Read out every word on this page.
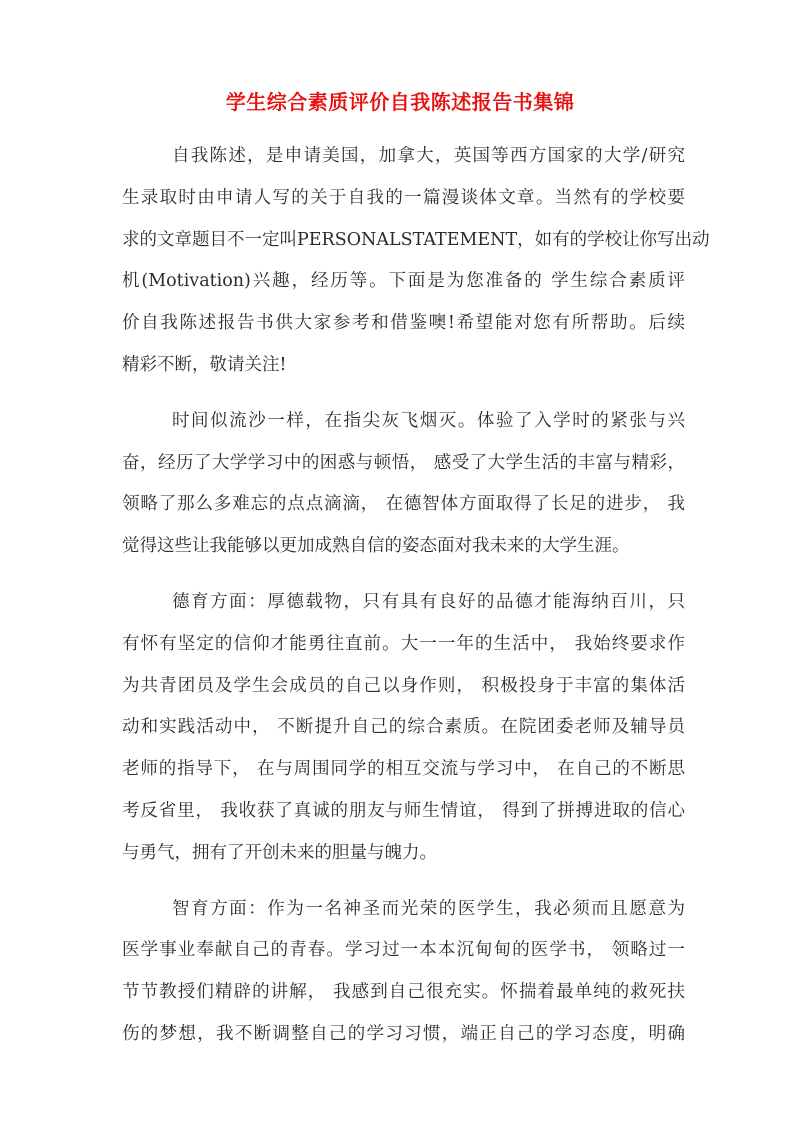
学生综合素质评价自我陈述报告书集锦
自我陈述，是申请美国，加拿大，英国等西方国家的大学/研究
生录取时由申请人写的关于自我的一篇漫谈体文章。当然有的学校要
求的文章题目不一定叫PERSONALSTATEMENT，如有的学校让你写出动
机(Motivation)兴趣，经历等。下面是为您准备的 学生综合素质评
价自我陈述报告书供大家参考和借鉴噢!希望能对您有所帮助。后续
精彩不断，敬请关注!
时间似流沙一样，在指尖灰飞烟灭。体验了入学时的紧张与兴
奋，经历了大学学习中的困惑与顿悟， 感受了大学生活的丰富与精彩，
领略了那么多难忘的点点滴滴， 在德智体方面取得了长足的进步， 我
觉得这些让我能够以更加成熟自信的姿态面对我未来的大学生涯。
德育方面：厚德载物，只有具有良好的品德才能海纳百川，只
有怀有坚定的信仰才能勇往直前。大一一年的生活中， 我始终要求作
为共青团员及学生会成员的自己以身作则， 积极投身于丰富的集体活
动和实践活动中， 不断提升自己的综合素质。在院团委老师及辅导员
老师的指导下， 在与周围同学的相互交流与学习中， 在自己的不断思
考反省里， 我收获了真诚的朋友与师生情谊， 得到了拼搏进取的信心
与勇气，拥有了开创未来的胆量与魄力。
智育方面：作为一名神圣而光荣的医学生，我必须而且愿意为
医学事业奉献自己的青春。学习过一本本沉甸甸的医学书， 领略过一
节节教授们精辟的讲解， 我感到自己很充实。怀揣着最单纯的救死扶
伤的梦想，我不断调整自己的学习习惯，端正自己的学习态度，明确
